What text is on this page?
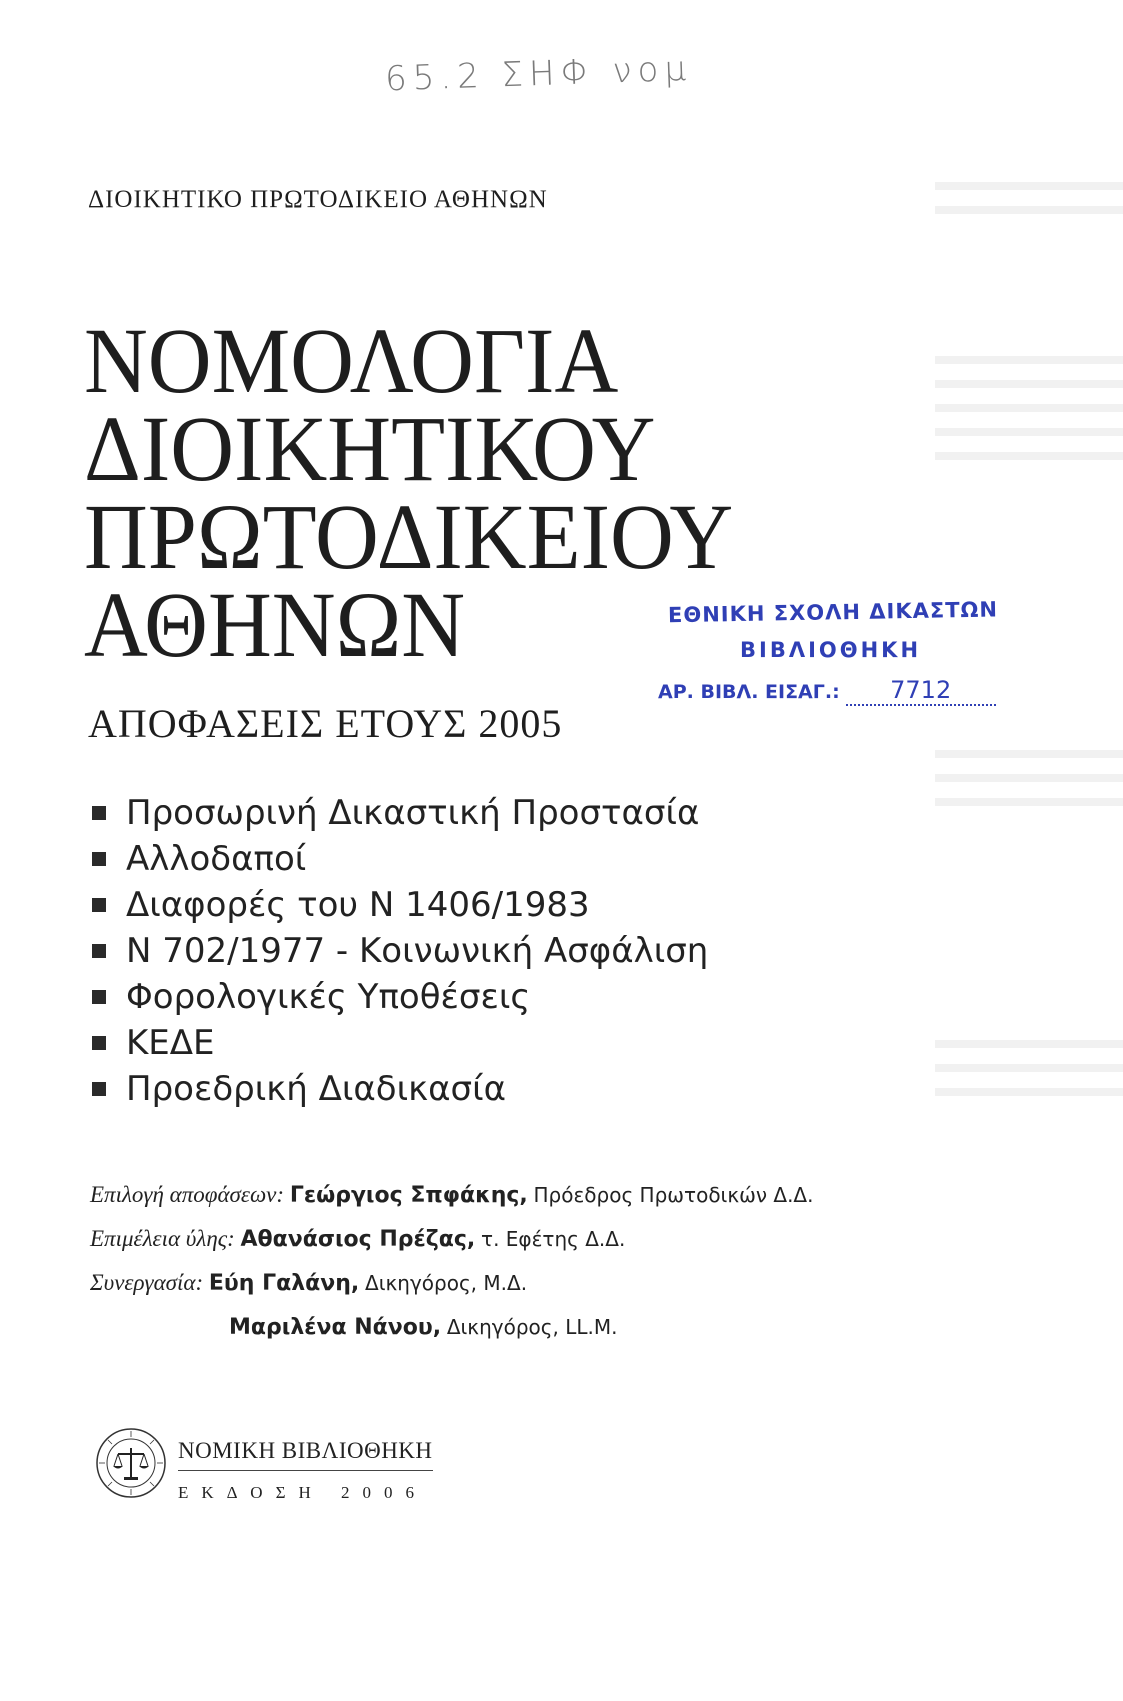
65.2 ΣΗΦ νομ
ΔΙΟΙΚΗΤΙΚΟ ΠΡΩΤΟΔΙΚΕΙΟ ΑΘΗΝΩΝ
ΝΟΜΟΛΟΓΙΑ
ΔΙΟΙΚΗΤΙΚΟΥ
ΠΡΩΤΟΔΙΚΕΙΟΥ
ΑΘΗΝΩΝ
ΑΠΟΦΑΣΕΙΣ ΕΤΟΥΣ 2005
ΕΘΝΙΚΗ ΣΧΟΛΗ ΔΙΚΑΣΤΩΝ
ΒΙΒΛΙΟΘΗΚΗ
ΑΡ. ΒΙΒΛ. ΕΙΣΑΓ.:	7712
Προσωρινή Δικαστική Προστασία
Αλλοδαποί
Διαφορές του Ν 1406/1983
Ν 702/1977 - Κοινωνική Ασφάλιση
Φορολογικές Υποθέσεις
ΚΕΔΕ
Προεδρική Διαδικασία
Επιλογή αποφάσεων: Γεώργιος Σπφάκης, Πρόεδρος Πρωτοδικών Δ.Δ.
Επιμέλεια ύλης: Αθανάσιος Πρέζας, τ. Εφέτης Δ.Δ.
Συνεργασία: Εύη Γαλάνη, Δικηγόρος, Μ.Δ.
Μαριλένα Νάνου, Δικηγόρος, LL.M.
ΝΟΜΙΚΗ ΒΙΒΛΙΟΘΗΚΗ
ΕΚΔΟΣΗ 2006
